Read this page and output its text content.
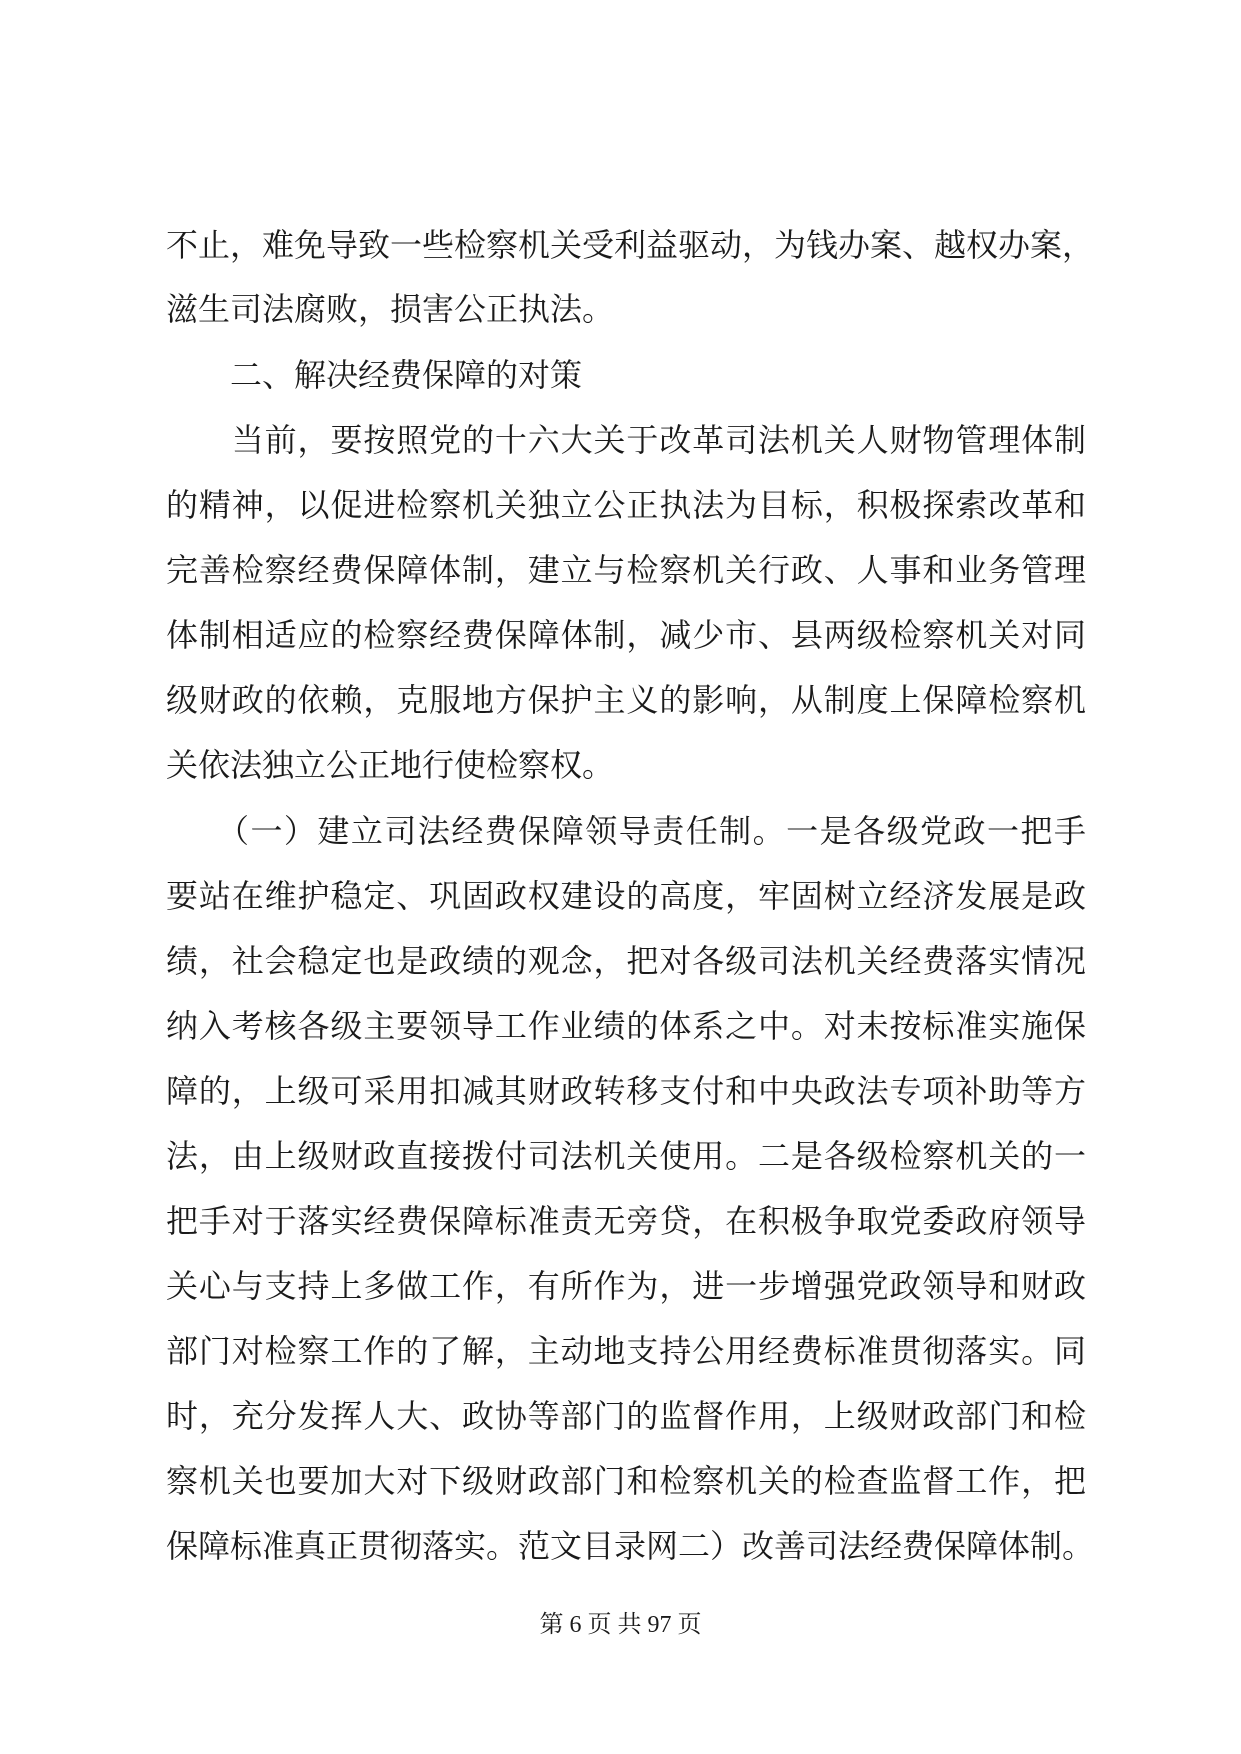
不止，难免导致一些检察机关受利益驱动，为钱办案、越权办案，
滋生司法腐败，损害公正执法。
　　二、解决经费保障的对策
　　当前，要按照党的十六大关于改革司法机关人财物管理体制
的精神，以促进检察机关独立公正执法为目标，积极探索改革和
完善检察经费保障体制，建立与检察机关行政、人事和业务管理
体制相适应的检察经费保障体制，减少市、县两级检察机关对同
级财政的依赖，克服地方保护主义的影响，从制度上保障检察机
关依法独立公正地行使检察权。
　　（一）建立司法经费保障领导责任制。一是各级党政一把手
要站在维护稳定、巩固政权建设的高度，牢固树立经济发展是政
绩，社会稳定也是政绩的观念，把对各级司法机关经费落实情况
纳入考核各级主要领导工作业绩的体系之中。对未按标准实施保
障的，上级可采用扣减其财政转移支付和中央政法专项补助等方
法，由上级财政直接拨付司法机关使用。二是各级检察机关的一
把手对于落实经费保障标准责无旁贷，在积极争取党委政府领导
关心与支持上多做工作，有所作为，进一步增强党政领导和财政
部门对检察工作的了解，主动地支持公用经费标准贯彻落实。同
时，充分发挥人大、政协等部门的监督作用，上级财政部门和检
察机关也要加大对下级财政部门和检察机关的检查监督工作，把
保障标准真正贯彻落实。范文目录网二）改善司法经费保障体制。
第 6 页 共 97 页
